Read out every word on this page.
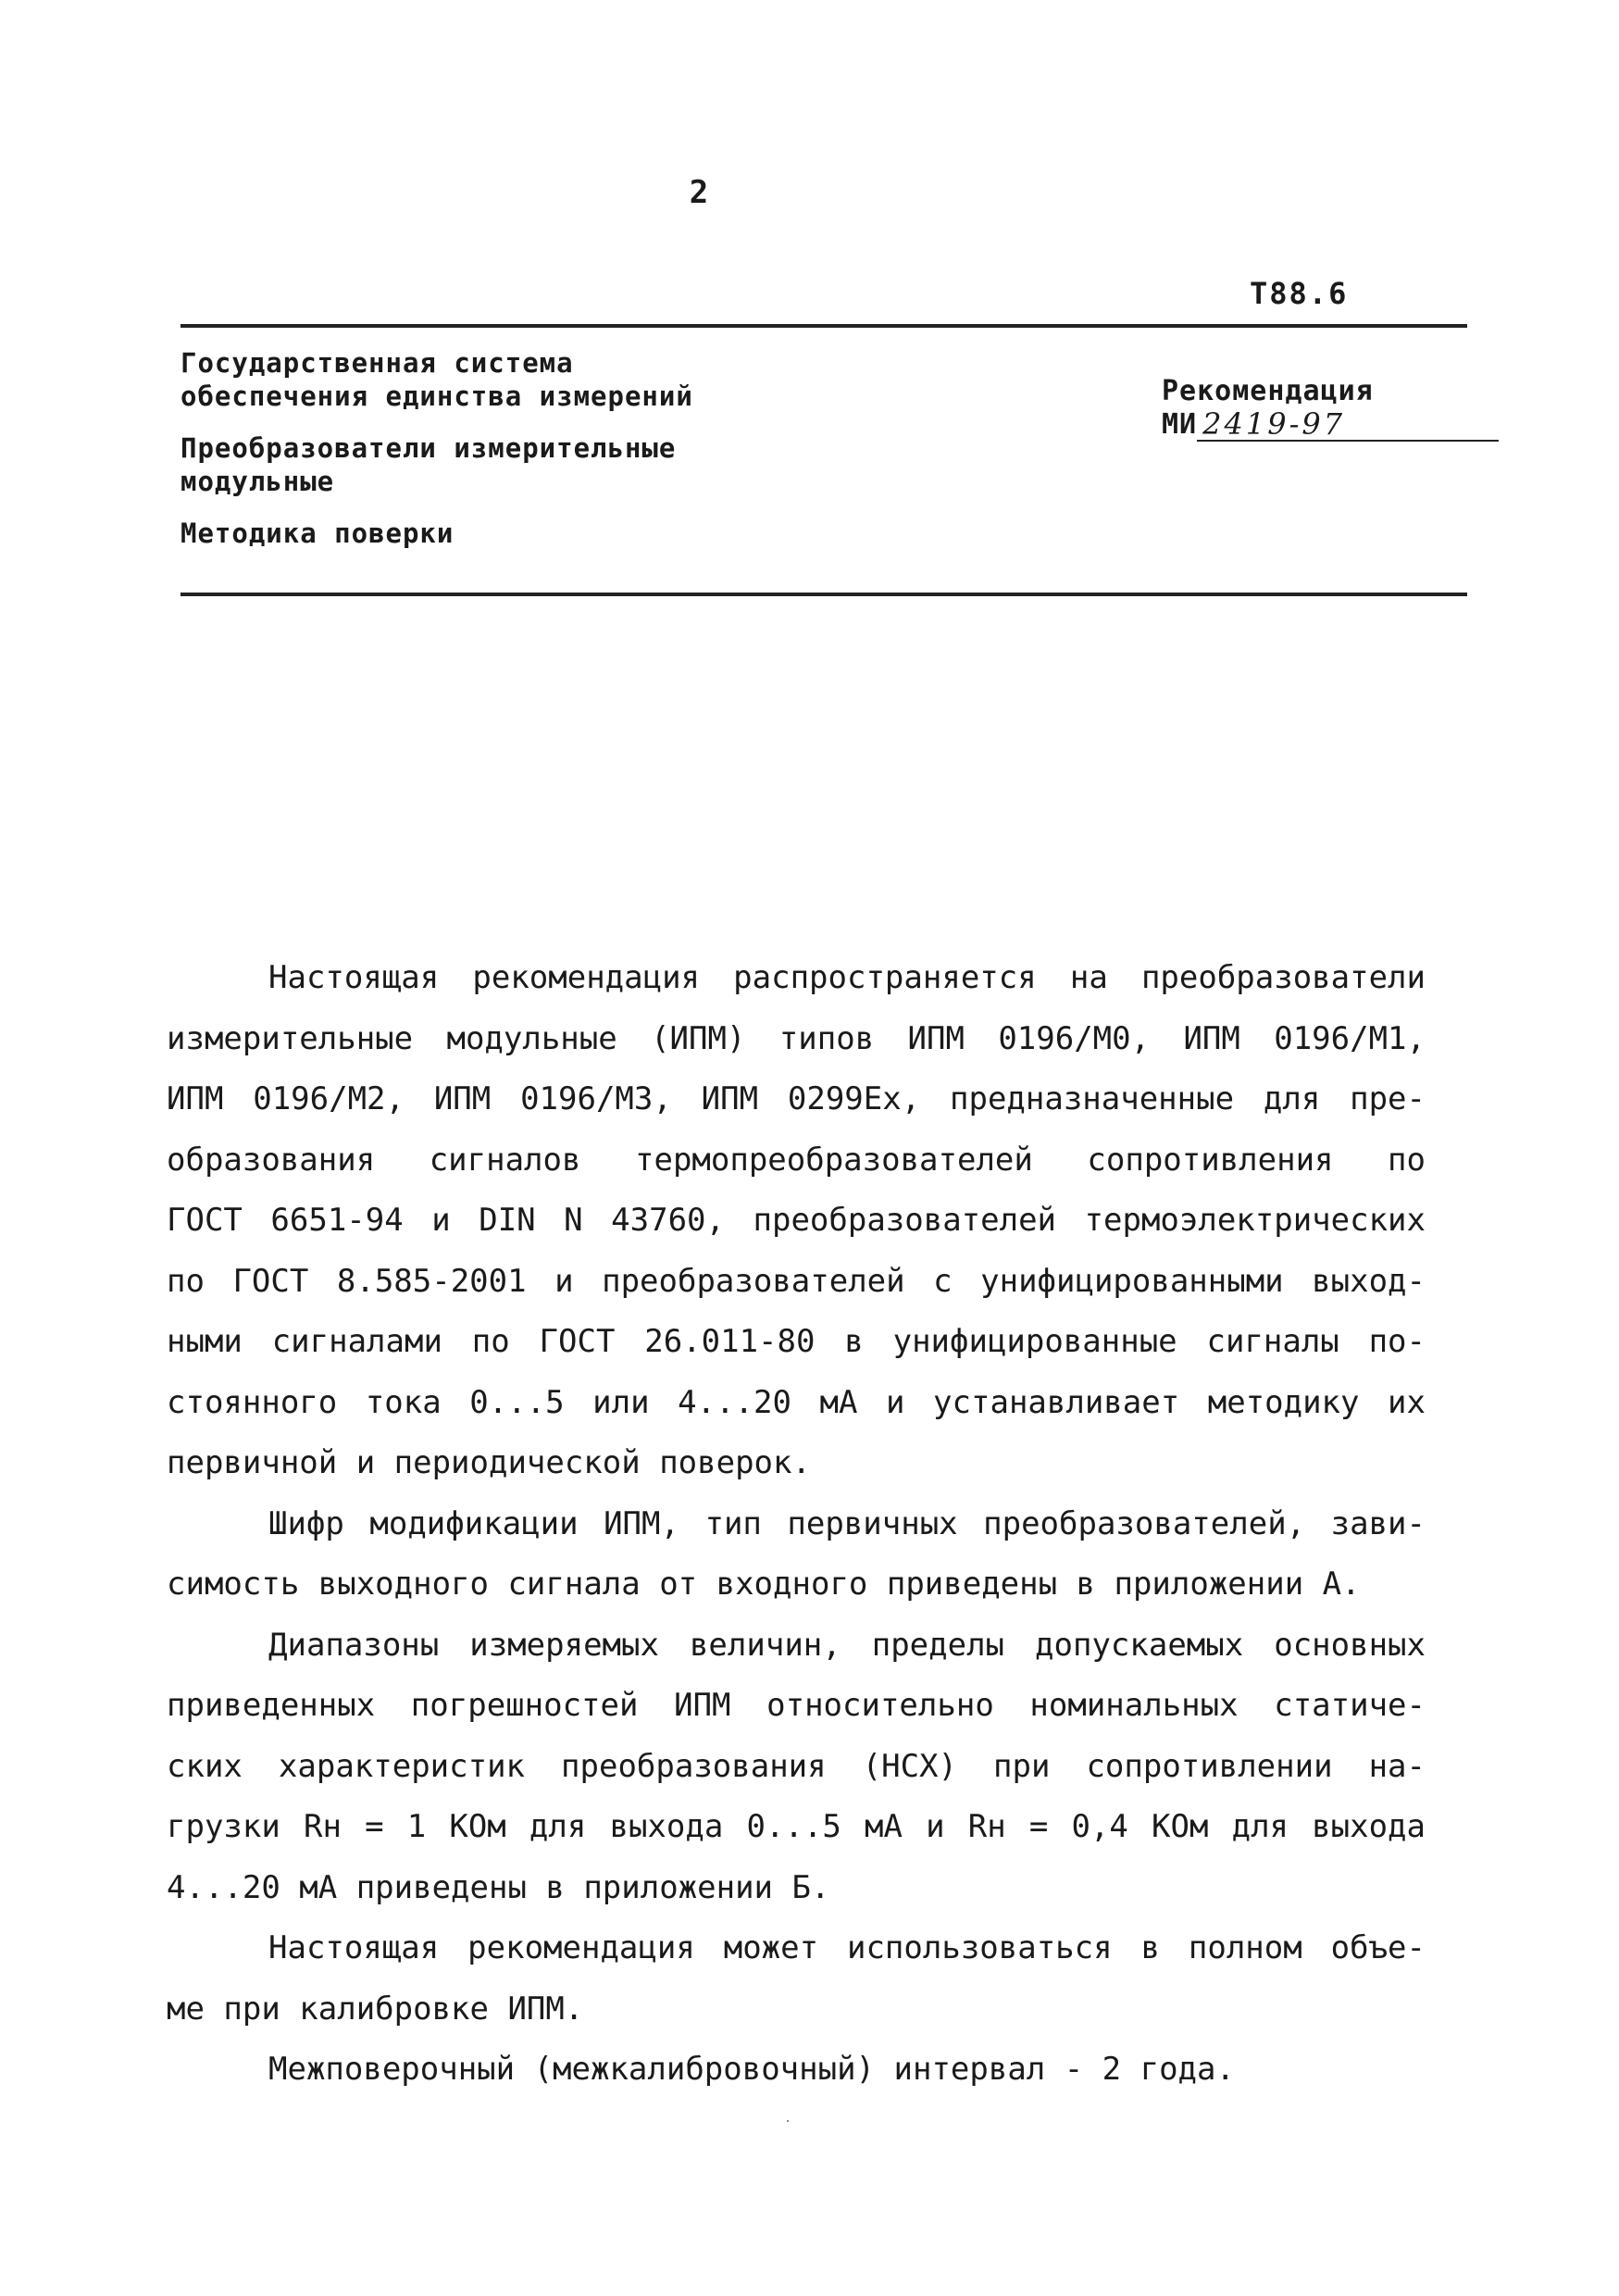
2
Т88.6
Государственная система
обеспечения единства измерений
Преобразователи измерительные
модульные
Методика поверки
Рекомендация
МИ 2419-97
Настоящая рекомендация распространяется на преобразователи
измерительные модульные (ИПМ) типов ИПМ 0196/М0, ИПМ 0196/М1,
ИПМ 0196/М2, ИПМ 0196/М3, ИПМ 0299Ex, предназначенные для пре-
образования сигналов термопреобразователей сопротивления по
ГОСТ 6651-94 и DIN N 43760, преобразователей термоэлектрических
по ГОСТ 8.585-2001 и преобразователей с унифицированными выход-
ными сигналами по ГОСТ 26.011-80 в унифицированные сигналы по-
стоянного тока 0...5 или 4...20 мА и устанавливает методику их
первичной и периодической поверок.
Шифр модификации ИПМ, тип первичных преобразователей, зави-
симость выходного сигнала от входного приведены в приложении А.
Диапазоны измеряемых величин, пределы допускаемых основных
приведенных погрешностей ИПМ относительно номинальных статиче-
ских характеристик преобразования (НСХ) при сопротивлении на-
грузки Rн = 1 КОм для выхода 0...5 мА и Rн = 0,4 КОм для выхода
4...20 мА приведены в приложении Б.
Настоящая рекомендация может использоваться в полном объе-
ме при калибровке ИПМ.
Межповерочный (межкалибровочный) интервал - 2 года.
